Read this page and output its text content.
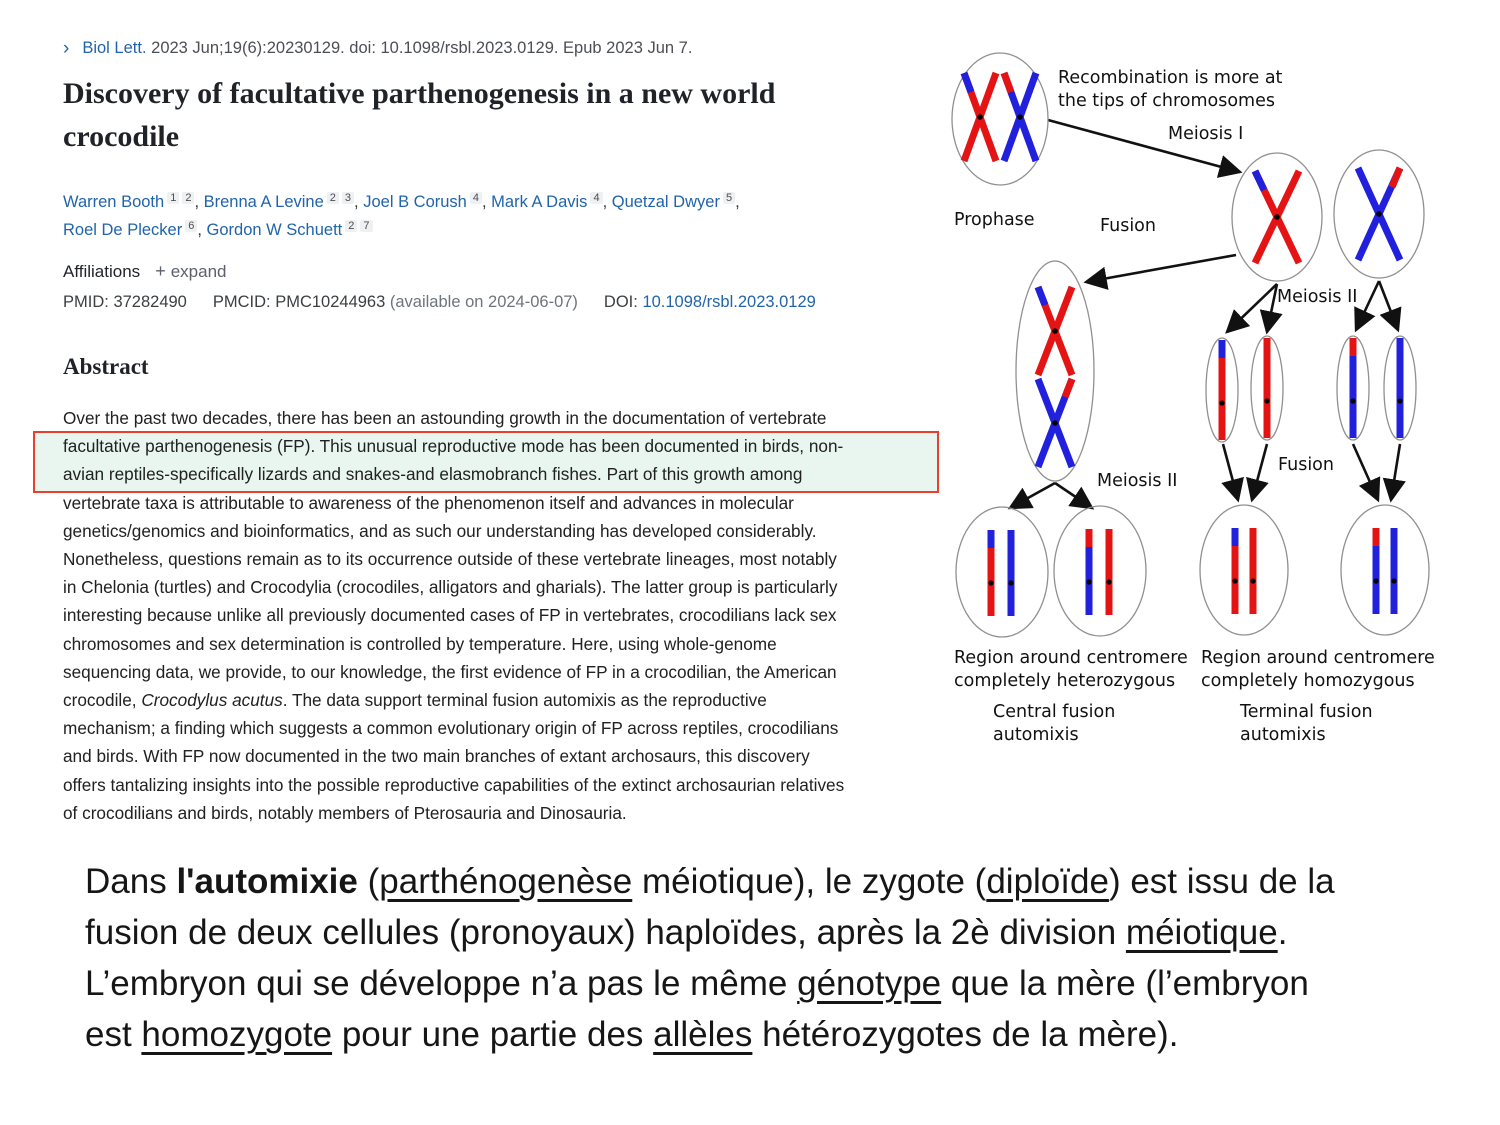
› Biol Lett. 2023 Jun;19(6):20230129. doi: 10.1098/rsbl.2023.0129. Epub 2023 Jun 7.
Discovery of facultative parthenogenesis in a new world crocodile
Warren Booth $^1$ $^2$ , Brenna A Levine $^2$ $^3$ , Joel B Corush $^4$ , Mark A Davis $^4$ , Quetzal Dwyer $^5$ ,
Roel De Plecker $^6$ , Gordon W Schuett $^2$ $^7$
Affiliations + expand
PMID: 37282490 PMCID: PMC10244963 (available on 2024-06-07) DOI: 10.1098/rsbl.2023.0129
Abstract
Over the past two decades, there has been an astounding growth in the documentation of vertebrate
facultative parthenogenesis (FP). This unusual reproductive mode has been documented in birds, non-
avian reptiles-specifically lizards and snakes-and elasmobranch fishes. Part of this growth among
vertebrate taxa is attributable to awareness of the phenomenon itself and advances in molecular
genetics/genomics and bioinformatics, and as such our understanding has developed considerably.
Nonetheless, questions remain as to its occurrence outside of these vertebrate lineages, most notably
in Chelonia (turtles) and Crocodylia (crocodiles, alligators and gharials). The latter group is particularly
interesting because unlike all previously documented cases of FP in vertebrates, crocodilians lack sex
chromosomes and sex determination is controlled by temperature. Here, using whole-genome
sequencing data, we provide, to our knowledge, the first evidence of FP in a crocodilian, the American
crocodile, Crocodylus acutus. The data support terminal fusion automixis as the reproductive
mechanism; a finding which suggests a common evolutionary origin of FP across reptiles, crocodilians
and birds. With FP now documented in the two main branches of extant archosaurs, this discovery
offers tantalizing insights into the possible reproductive capabilities of the extinct archosaurian relatives
of crocodilians and birds, notably members of Pterosauria and Dinosauria.
Recombination is more at
the tips of chromosomes
Meiosis I
Prophase	Fusion
Meiosis II
Meiosis II
Fusion
Region around centromere
completely heterozygous
Region around centromere
completely homozygous
Central fusion
automixis
Terminal fusion
automixis
Dans l'automixie (parthénogenèse méiotique), le zygote (diploïde) est issu de la
fusion de deux cellules (pronoyaux) haploïdes, après la 2è division méiotique.
L’embryon qui se développe n’a pas le même génotype que la mère (l’embryon
est homozygote pour une partie des allèles hétérozygotes de la mère).
